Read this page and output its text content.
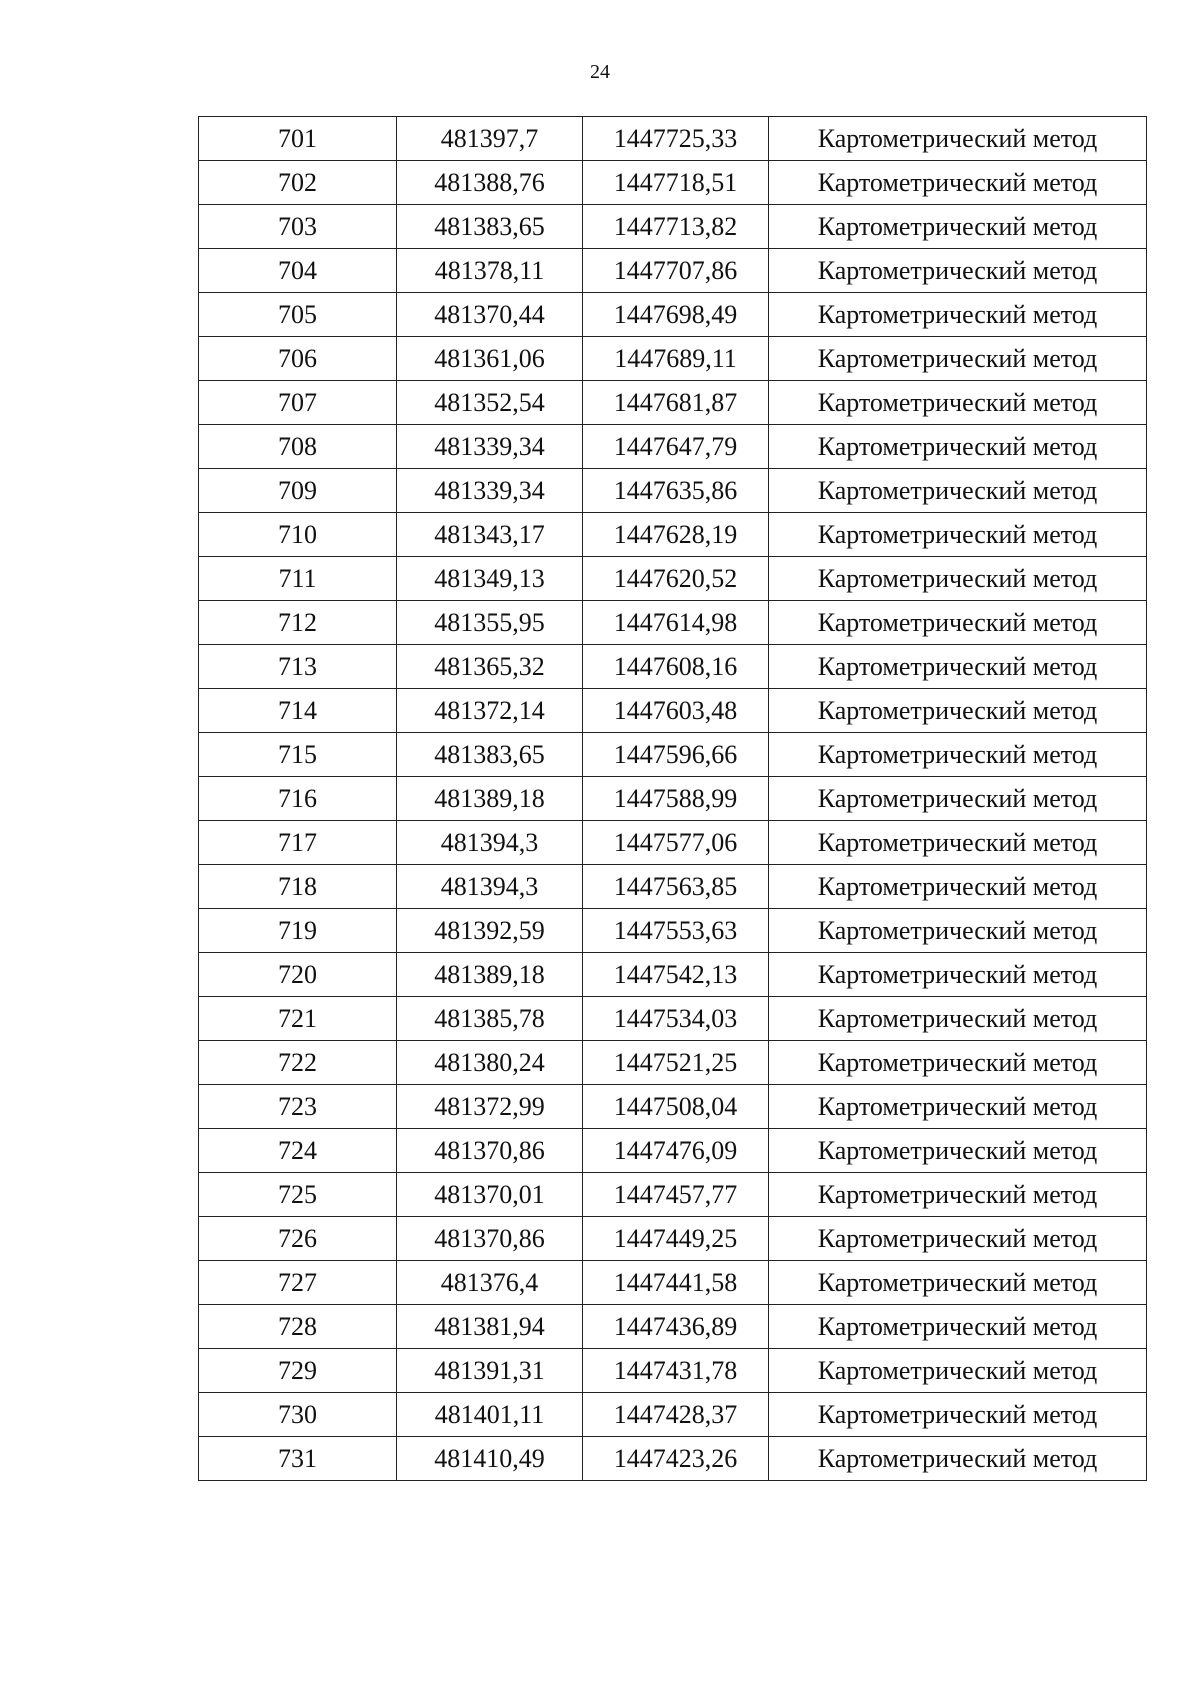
24
701	481397,7	1447725,33	Картометрический метод
702	481388,76	1447718,51	Картометрический метод
703	481383,65	1447713,82	Картометрический метод
704	481378,11	1447707,86	Картометрический метод
705	481370,44	1447698,49	Картометрический метод
706	481361,06	1447689,11	Картометрический метод
707	481352,54	1447681,87	Картометрический метод
708	481339,34	1447647,79	Картометрический метод
709	481339,34	1447635,86	Картометрический метод
710	481343,17	1447628,19	Картометрический метод
711	481349,13	1447620,52	Картометрический метод
712	481355,95	1447614,98	Картометрический метод
713	481365,32	1447608,16	Картометрический метод
714	481372,14	1447603,48	Картометрический метод
715	481383,65	1447596,66	Картометрический метод
716	481389,18	1447588,99	Картометрический метод
717	481394,3	1447577,06	Картометрический метод
718	481394,3	1447563,85	Картометрический метод
719	481392,59	1447553,63	Картометрический метод
720	481389,18	1447542,13	Картометрический метод
721	481385,78	1447534,03	Картометрический метод
722	481380,24	1447521,25	Картометрический метод
723	481372,99	1447508,04	Картометрический метод
724	481370,86	1447476,09	Картометрический метод
725	481370,01	1447457,77	Картометрический метод
726	481370,86	1447449,25	Картометрический метод
727	481376,4	1447441,58	Картометрический метод
728	481381,94	1447436,89	Картометрический метод
729	481391,31	1447431,78	Картометрический метод
730	481401,11	1447428,37	Картометрический метод
731	481410,49	1447423,26	Картометрический метод
